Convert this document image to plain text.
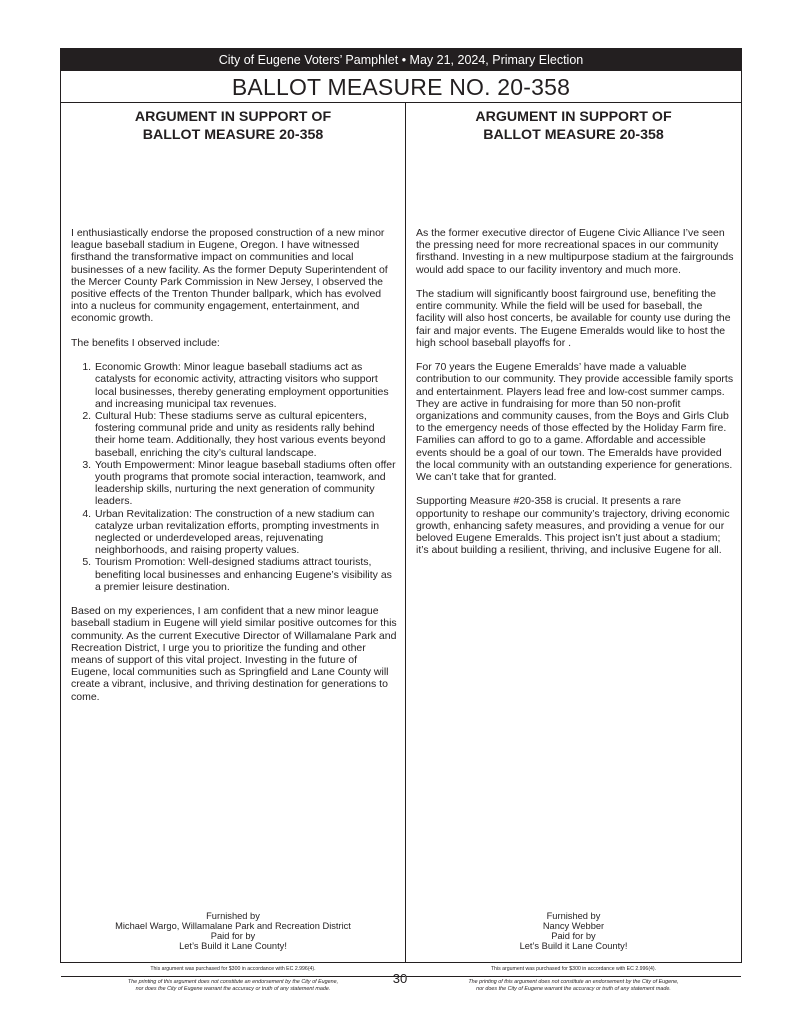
City of Eugene Voters’ Pamphlet • May 21, 2024, Primary Election
BALLOT MEASURE NO. 20-358
ARGUMENT IN SUPPORT OF
BALLOT MEASURE 20-358

I enthusiastically endorse the proposed construction of a new minor league baseball stadium in Eugene, Oregon. I have witnessed firsthand the transformative impact on communities and local businesses of a new facility. As the former Deputy Superintendent of the Mercer County Park Commission in New Jersey, I observed the positive effects of the Trenton Thunder ballpark, which has evolved into a nucleus for community engagement, entertainment, and economic growth.

The benefits I observed include:

1. Economic Growth: Minor league baseball stadiums act as catalysts for economic activity, attracting visitors who support local businesses, thereby generating employment opportunities and increasing municipal tax revenues.
2. Cultural Hub: These stadiums serve as cultural epicenters, fostering communal pride and unity as residents rally behind their home team. Additionally, they host various events beyond baseball, enriching the city’s cultural landscape.
3. Youth Empowerment: Minor league baseball stadiums often offer youth programs that promote social interaction, teamwork, and leadership skills, nurturing the next generation of community leaders.
4. Urban Revitalization: The construction of a new stadium can catalyze urban revitalization efforts, prompting investments in neglected or underdeveloped areas, rejuvenating neighborhoods, and raising property values.
5. Tourism Promotion: Well-designed stadiums attract tourists, benefiting local businesses and enhancing Eugene’s visibility as a premier leisure destination.

Based on my experiences, I am confident that a new minor league baseball stadium in Eugene will yield similar positive outcomes for this community. As the current Executive Director of Willamalane Park and Recreation District, I urge you to prioritize the funding and other means of support of this vital project. Investing in the future of Eugene, local communities such as Springfield and Lane County will create a vibrant, inclusive, and thriving destination for generations to come.

Furnished by
Michael Wargo, Willamalane Park and Recreation District
Paid for by
Let’s Build it Lane County!
This argument was purchased for $300 in accordance with EC 2.996(4).
The printing of this argument does not constitute an endorsement by the City of Eugene,
nor does the City of Eugene warrant the accuracy or truth of any statement made.
ARGUMENT IN SUPPORT OF
BALLOT MEASURE 20-358

As the former executive director of Eugene Civic Alliance I’ve seen the pressing need for more recreational spaces in our community firsthand. Investing in a new multipurpose stadium at the fairgrounds would add space to our facility inventory and much more.

The stadium will significantly boost fairground use, benefiting the entire community. While the field will be used for baseball, the facility will also host concerts, be available for county use during the fair and major events. The Eugene Emeralds would like to host the high school baseball playoffs for .

For 70 years the Eugene Emeralds’ have made a valuable contribution to our community. They provide accessible family sports and entertainment. Players lead free and low-cost summer camps. They are active in fundraising for more than 50 non-profit organizations and community causes, from the Boys and Girls Club to the emergency needs of those effected by the Holiday Farm fire. Families can afford to go to a game. Affordable and accessible events should be a goal of our town. The Emeralds have provided the local community with an outstanding experience for generations. We can’t take that for granted.

Supporting Measure #20-358 is crucial. It presents a rare opportunity to reshape our community’s trajectory, driving economic growth, enhancing safety measures, and providing a venue for our beloved Eugene Emeralds. This project isn’t just about a stadium; it’s about building a resilient, thriving, and inclusive Eugene for all.

Furnished by
Nancy Webber
Paid for by
Let’s Build it Lane County!
This argument was purchased for $300 in accordance with EC 2.996(4).
The printing of this argument does not constitute an endorsement by the City of Eugene,
nor does the City of Eugene warrant the accuracy or truth of any statement made.
30
